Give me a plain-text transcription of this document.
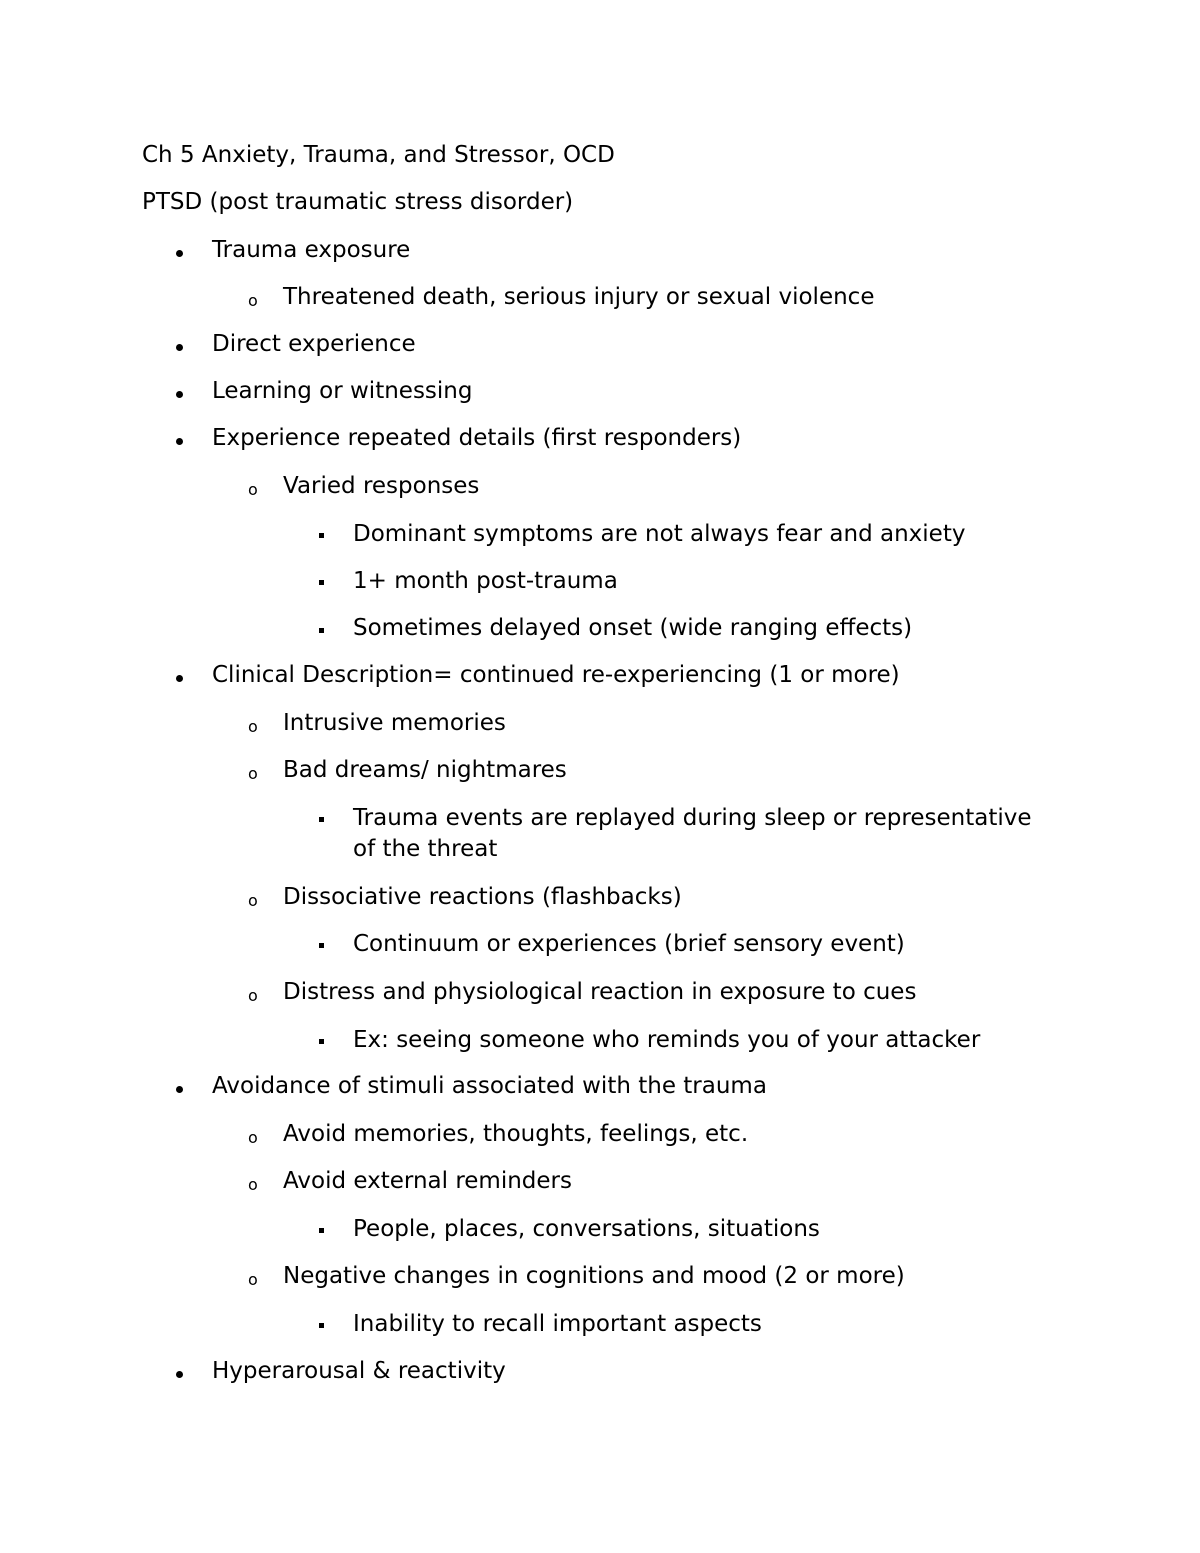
Ch 5 Anxiety, Trauma, and Stressor, OCD
PTSD (post traumatic stress disorder)
Trauma exposure
o Threatened death, serious injury or sexual violence
Direct experience
Learning or witnessing
Experience repeated details (first responders)
o Varied responses
Dominant symptoms are not always fear and anxiety
1+ month post-trauma
Sometimes delayed onset (wide ranging effects)
Clinical Description= continued re-experiencing (1 or more)
o Intrusive memories
o Bad dreams/ nightmares
Trauma events are replayed during sleep or representative of the threat
o Dissociative reactions (flashbacks)
Continuum or experiences (brief sensory event)
o Distress and physiological reaction in exposure to cues
Ex: seeing someone who reminds you of your attacker
Avoidance of stimuli associated with the trauma
o Avoid memories, thoughts, feelings, etc.
o Avoid external reminders
People, places, conversations, situations
o Negative changes in cognitions and mood (2 or more)
Inability to recall important aspects
Hyperarousal & reactivity
